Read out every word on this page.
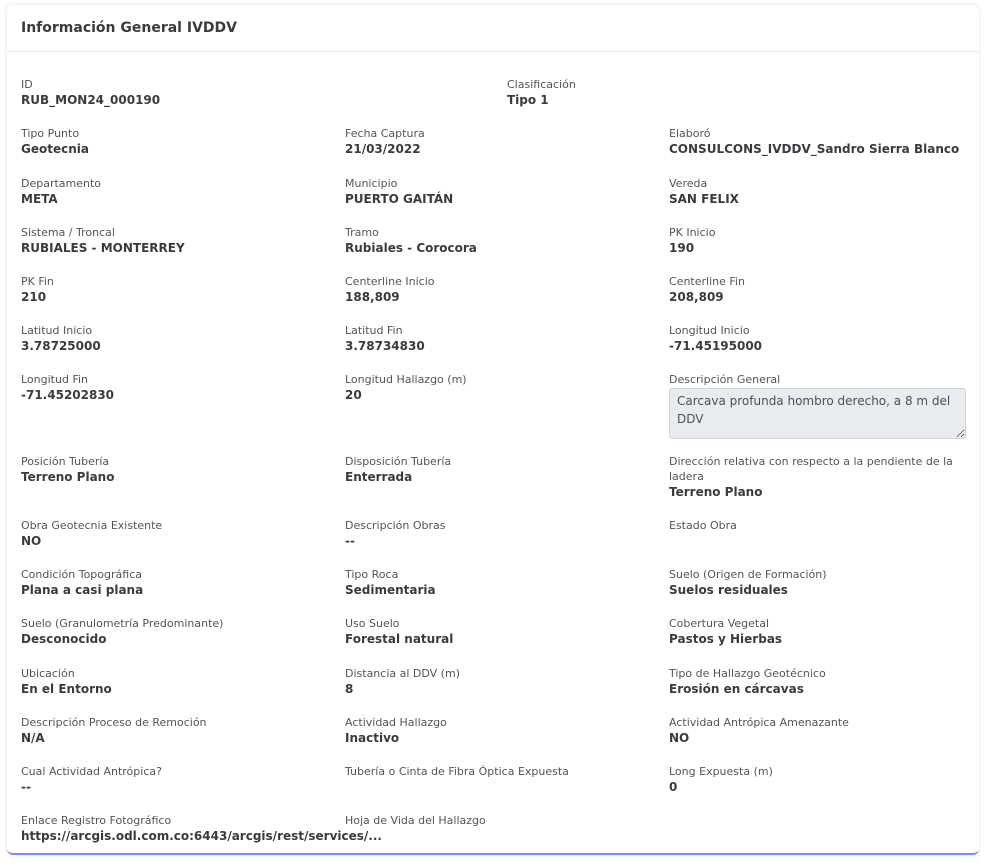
Información General IVDDV
ID
RUB_MON24_000190
Clasificación
Tipo 1
Tipo Punto
Geotecnia
Fecha Captura
21/03/2022
Elaboró
CONSULCONS_IVDDV_Sandro Sierra Blanco
Departamento
META
Municipio
PUERTO GAITÁN
Vereda
SAN FELIX
Sistema / Troncal
RUBIALES - MONTERREY
Tramo
Rubiales - Corocora
PK Inicio
190
PK Fin
210
Centerline Inicio
188,809
Centerline Fin
208,809
Latitud Inicio
3.78725000
Latitud Fin
3.78734830
Longitud Inicio
-71.45195000
Longitud Fin
-71.45202830
Longitud Hallazgo (m)
20
Descripción General
Carcava profunda hombro derecho, a 8 m del DDV
Posición Tubería
Terreno Plano
Disposición Tubería
Enterrada
Dirección relativa con respecto a la pendiente de la ladera
Terreno Plano
Obra Geotecnia Existente
NO
Descripción Obras
--
Estado Obra
Condición Topográfica
Plana a casi plana
Tipo Roca
Sedimentaria
Suelo (Origen de Formación)
Suelos residuales
Suelo (Granulometría Predominante)
Desconocido
Uso Suelo
Forestal natural
Cobertura Vegetal
Pastos y Hierbas
Ubicación
En el Entorno
Distancia al DDV (m)
8
Tipo de Hallazgo Geotécnico
Erosión en cárcavas
Descripción Proceso de Remoción
N/A
Actividad Hallazgo
Inactivo
Actividad Antrópica Amenazante
NO
Cual Actividad Antrópica?
--
Tubería o Cinta de Fibra Óptica Expuesta	Long Expuesta (m)
0
Enlace Registro Fotográfico
https://arcgis.odl.com.co:6443/arcgis/rest/services/...
Hoja de Vida del Hallazgo
